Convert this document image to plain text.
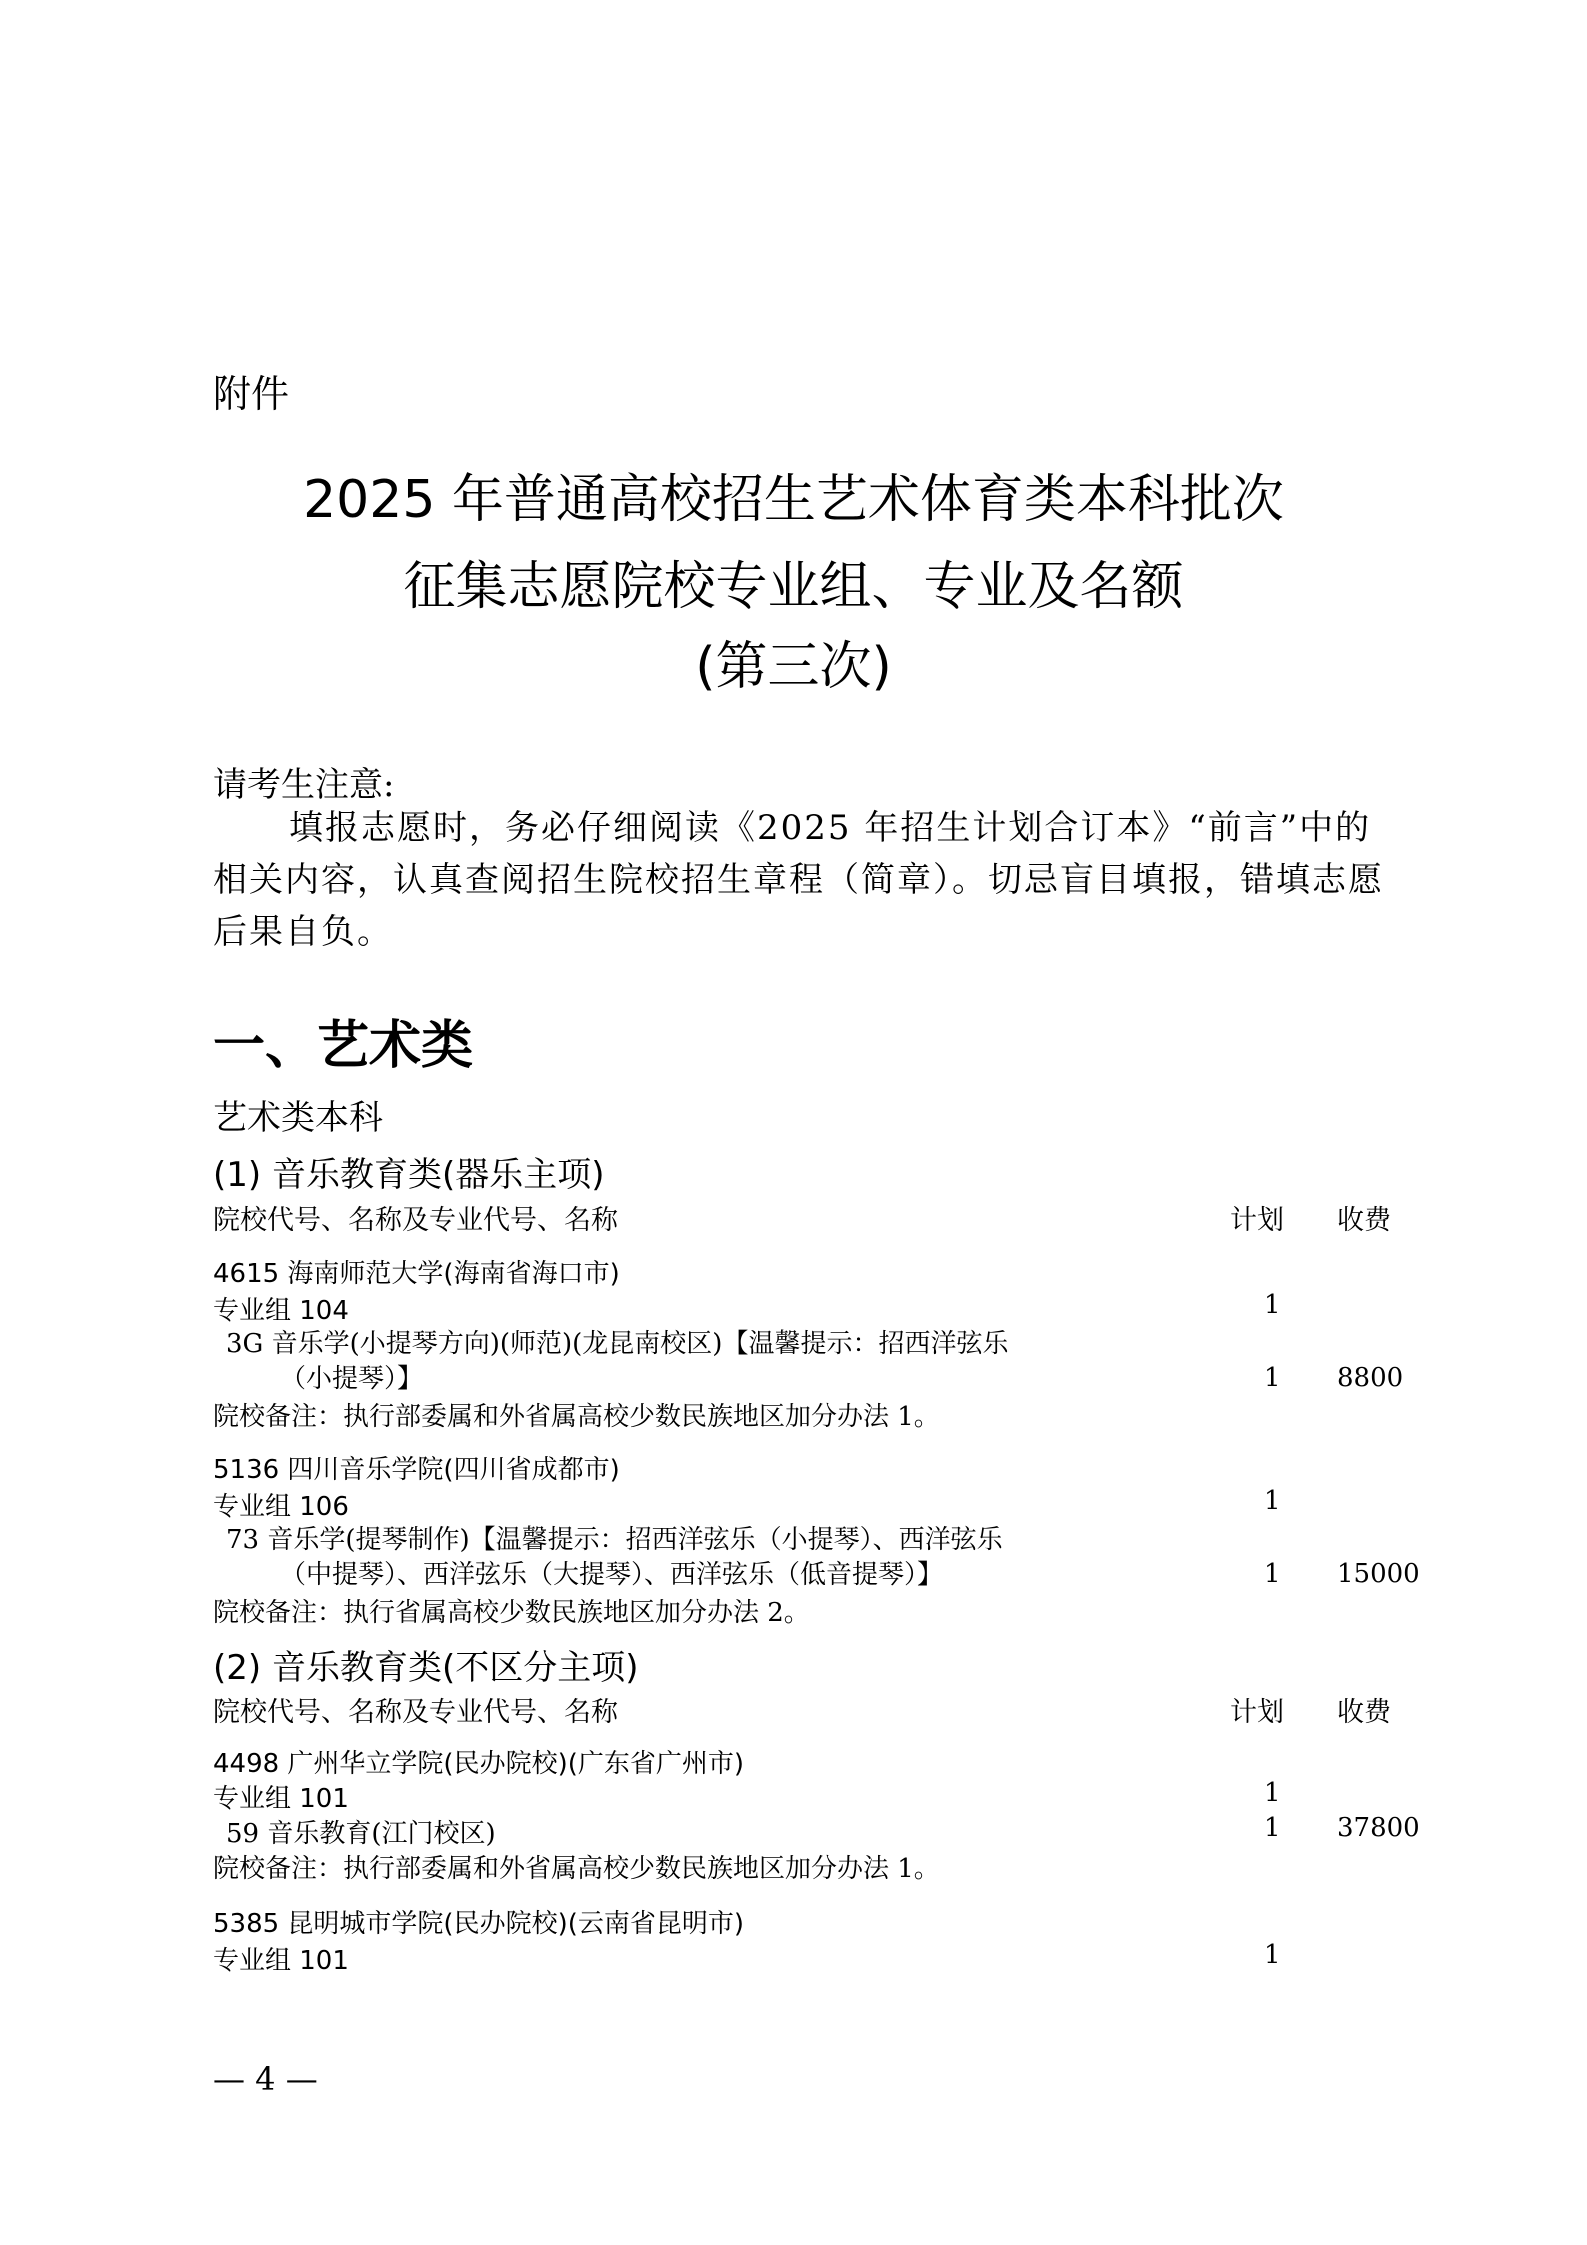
附件
2025 年普通高校招生艺术体育类本科批次
征集志愿院校专业组、专业及名额
(第三次)
请考生注意:
填报志愿时，务必仔细阅读《2025 年招生计划合订本》“前言”中的相关内容，认真查阅招生院校招生章程（简章）。切忌盲目填报，错填志愿后果自负。
一、艺术类
艺术类本科
(1) 音乐教育类(器乐主项)
院校代号、名称及专业代号、名称	计划 收费
4615 海南师范大学(海南省海口市)
专业组 104	1
3G 音乐学(小提琴方向)(师范)(龙昆南校区)【温馨提示：招西洋弦乐
（小提琴）】	1 8800
院校备注：执行部委属和外省属高校少数民族地区加分办法 1。
5136 四川音乐学院(四川省成都市)
专业组 106	1
73 音乐学(提琴制作)【温馨提示：招西洋弦乐（小提琴）、西洋弦乐
（中提琴）、西洋弦乐（大提琴）、西洋弦乐（低音提琴）】	1 15000
院校备注：执行省属高校少数民族地区加分办法 2。
(2) 音乐教育类(不区分主项)
院校代号、名称及专业代号、名称	计划 收费
4498 广州华立学院(民办院校)(广东省广州市)
专业组 101	1
59 音乐教育(江门校区)	1 37800
院校备注：执行部委属和外省属高校少数民族地区加分办法 1。
5385 昆明城市学院(民办院校)(云南省昆明市)
专业组 101	1
— 4 —
